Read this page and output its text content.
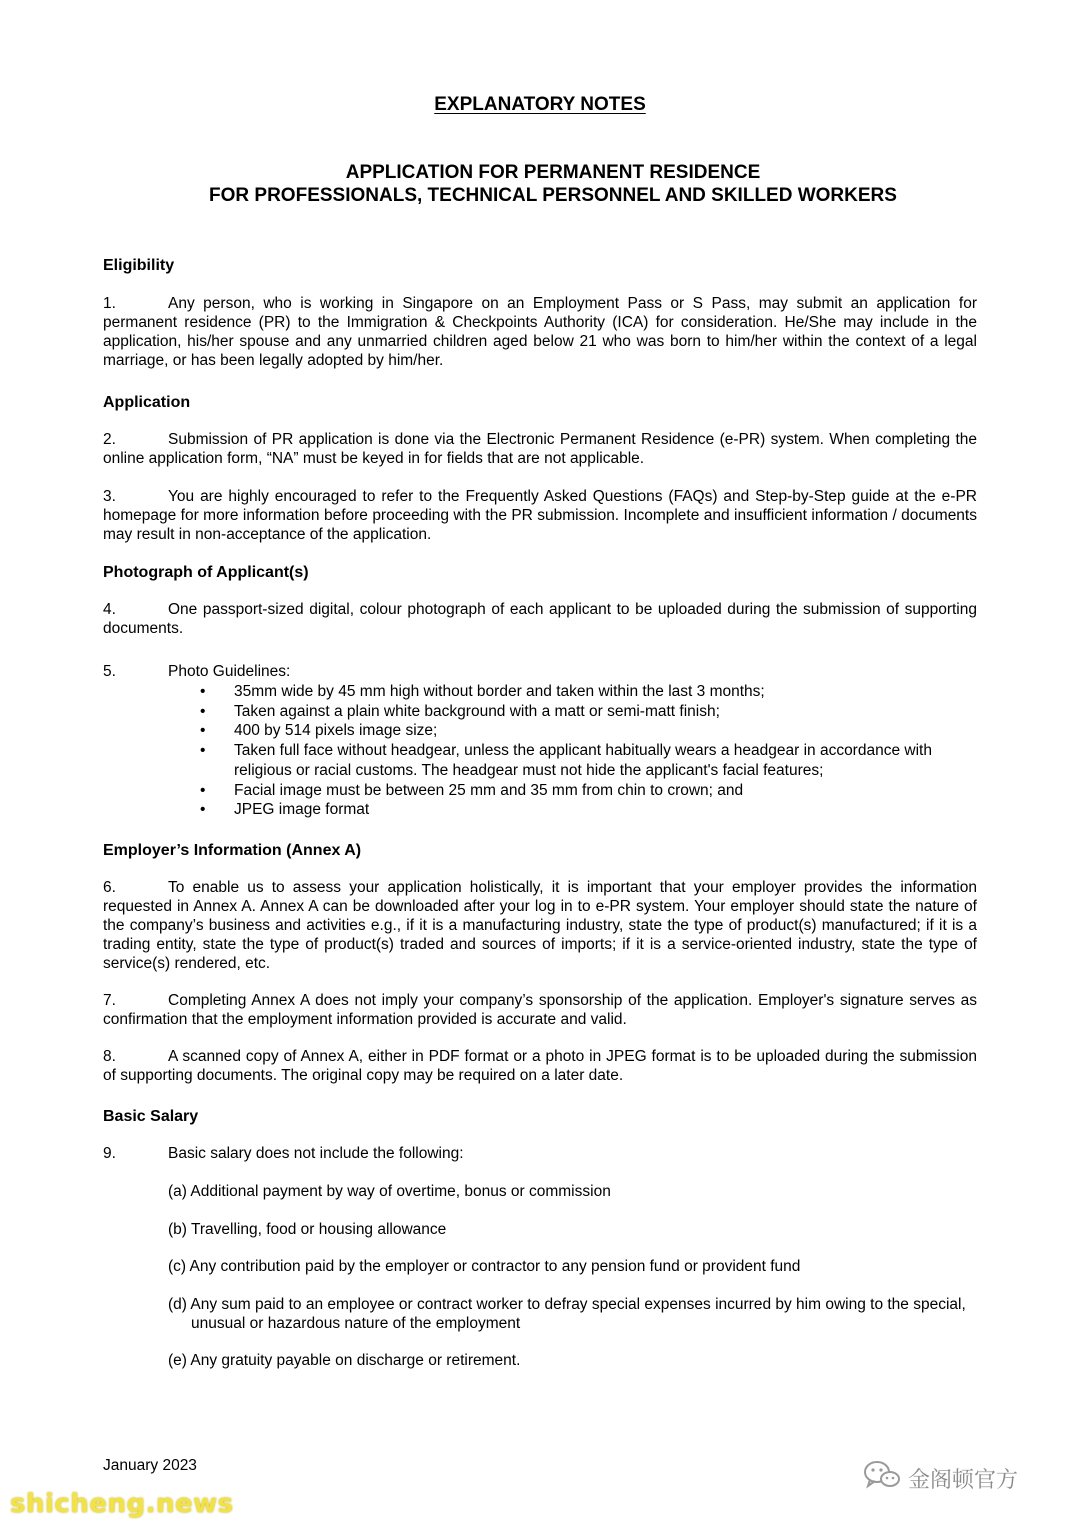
EXPLANATORY NOTES
APPLICATION FOR PERMANENT RESIDENCE
FOR PROFESSIONALS, TECHNICAL PERSONNEL AND SKILLED WORKERS
Eligibility
1.	Any person, who is working in Singapore on an Employment Pass or S Pass, may submit an application for permanent residence (PR) to the Immigration & Checkpoints Authority (ICA) for consideration. He/She may include in the application, his/her spouse and any unmarried children aged below 21 who was born to him/her within the context of a legal marriage, or has been legally adopted by him/her.
Application
2.	Submission of PR application is done via the Electronic Permanent Residence (e-PR) system. When completing the online application form, “NA” must be keyed in for fields that are not applicable.
3.	You are highly encouraged to refer to the Frequently Asked Questions (FAQs) and Step-by-Step guide at the e-PR homepage for more information before proceeding with the PR submission. Incomplete and insufficient information / documents may result in non-acceptance of the application.
Photograph of Applicant(s)
4.	One passport-sized digital, colour photograph of each applicant to be uploaded during the submission of supporting documents.
5.	Photo Guidelines:
• 35mm wide by 45 mm high without border and taken within the last 3 months;
• Taken against a plain white background with a matt or semi-matt finish;
• 400 by 514 pixels image size;
• Taken full face without headgear, unless the applicant habitually wears a headgear in accordance with religious or racial customs. The headgear must not hide the applicant's facial features;
• Facial image must be between 25 mm and 35 mm from chin to crown; and
• JPEG image format
Employer’s Information (Annex A)
6.	To enable us to assess your application holistically, it is important that your employer provides the information requested in Annex A. Annex A can be downloaded after your log in to e-PR system. Your employer should state the nature of the company’s business and activities e.g., if it is a manufacturing industry, state the type of product(s) manufactured; if it is a trading entity, state the type of product(s) traded and sources of imports; if it is a service-oriented industry, state the type of service(s) rendered, etc.
7.	Completing Annex A does not imply your company’s sponsorship of the application. Employer's signature serves as confirmation that the employment information provided is accurate and valid.
8.	A scanned copy of Annex A, either in PDF format or a photo in JPEG format is to be uploaded during the submission of supporting documents. The original copy may be required on a later date.
Basic Salary
9.	Basic salary does not include the following:
(a) Additional payment by way of overtime, bonus or commission
(b) Travelling, food or housing allowance
(c) Any contribution paid by the employer or contractor to any pension fund or provident fund
(d) Any sum paid to an employee or contract worker to defray special expenses incurred by him owing to the special, unusual or hazardous nature of the employment
(e) Any gratuity payable on discharge or retirement.
January 2023
shicheng.news
金阁顿官方
